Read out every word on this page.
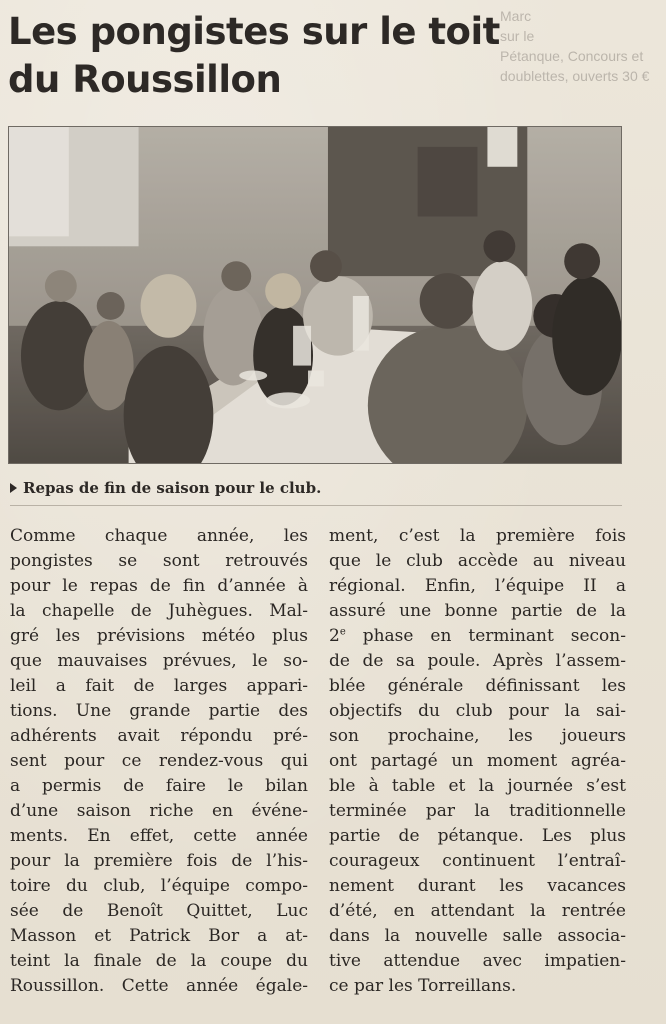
Marc
sur le
Pétanque, Concours et
doublettes, ouverts 30 €
Les pongistes sur le toit
du Roussillon
Repas de fin de saison pour le club.
Comme chaque année, les
pongistes se sont retrouvés
pour le repas de fin d’année à
la chapelle de Juhègues. Mal-
gré les prévisions météo plus
que mauvaises prévues, le so-
leil a fait de larges appari-
tions. Une grande partie des
adhérents avait répondu pré-
sent pour ce rendez-vous qui
a permis de faire le bilan
d’une saison riche en événe-
ments. En effet, cette année
pour la première fois de l’his-
toire du club, l’équipe compo-
sée de Benoît Quittet, Luc
Masson et Patrick Bor a at-
teint la finale de la coupe du
Roussillon. Cette année égale-
ment, c’est la première fois
que le club accède au niveau
régional. Enfin, l’équipe II a
assuré une bonne partie de la
2e phase en terminant secon-
de de sa poule. Après l’assem-
blée générale définissant les
objectifs du club pour la sai-
son prochaine, les joueurs
ont partagé un moment agréa-
ble à table et la journée s’est
terminée par la traditionnelle
partie de pétanque. Les plus
courageux continuent l’entraî-
nement durant les vacances
d’été, en attendant la rentrée
dans la nouvelle salle associa-
tive attendue avec impatien-
ce par les Torreillans.
